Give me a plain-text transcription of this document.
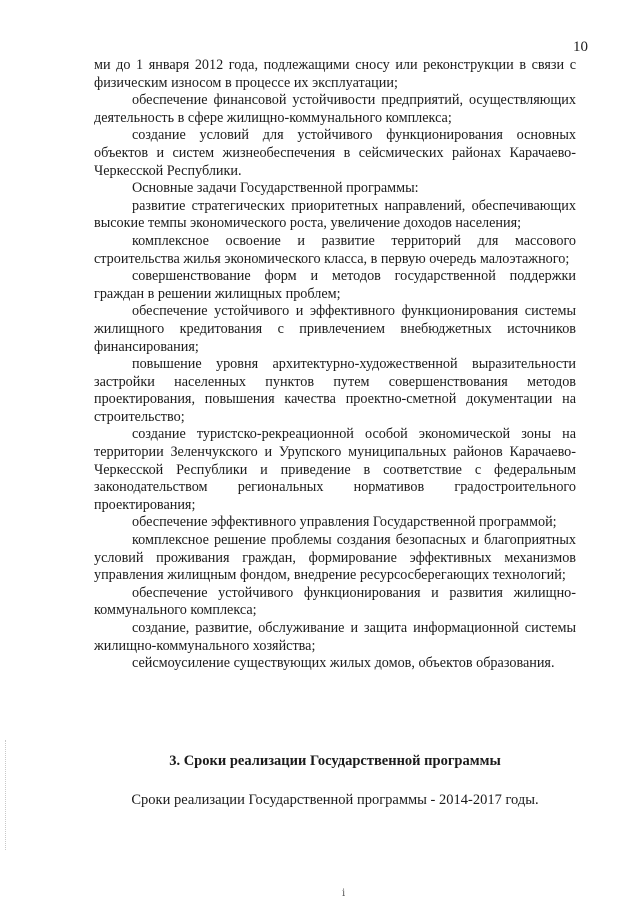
10

ми до 1 января 2012 года, подлежащими сносу или реконструкции в связи с физическим износом в процессе их эксплуатации;

обеспечение финансовой устойчивости предприятий, осуществляющих деятельность в сфере жилищно-коммунального комплекса;

создание условий для устойчивого функционирования основных объектов и систем жизнеобеспечения в сейсмических районах Карачаево-Черкесской Республики.

Основные задачи Государственной программы:

развитие стратегических приоритетных направлений, обеспечивающих высокие темпы экономического роста, увеличение доходов населения;

комплексное освоение и развитие территорий для массового строительства жилья экономического класса, в первую очередь малоэтажного;

совершенствование форм и методов государственной поддержки граждан в решении жилищных проблем;

обеспечение устойчивого и эффективного функционирования системы жилищного кредитования с привлечением внебюджетных источников финансирования;

повышение уровня архитектурно-художественной выразительности застройки населенных пунктов путем совершенствования методов проектирования, повышения качества проектно-сметной документации на строительство;

создание туристско-рекреационной особой экономической зоны на территории Зеленчукского и Урупского муниципальных районов Карачаево-Черкесской Республики и приведение в соответствие с федеральным законодательством региональных нормативов градостроительного проектирования;

обеспечение эффективного управления Государственной программой;

комплексное решение проблемы создания безопасных и благоприятных условий проживания граждан, формирование эффективных механизмов управления жилищным фондом, внедрение ресурсосберегающих технологий;

обеспечение устойчивого функционирования и развития жилищно-коммунального комплекса;

создание, развитие, обслуживание и защита информационной системы жилищно-коммунального хозяйства;

сейсмоусиление существующих жилых домов, объектов образования.

3. Сроки реализации Государственной программы
Сроки реализации Государственной программы - 2014-2017 годы.
ⅰ
